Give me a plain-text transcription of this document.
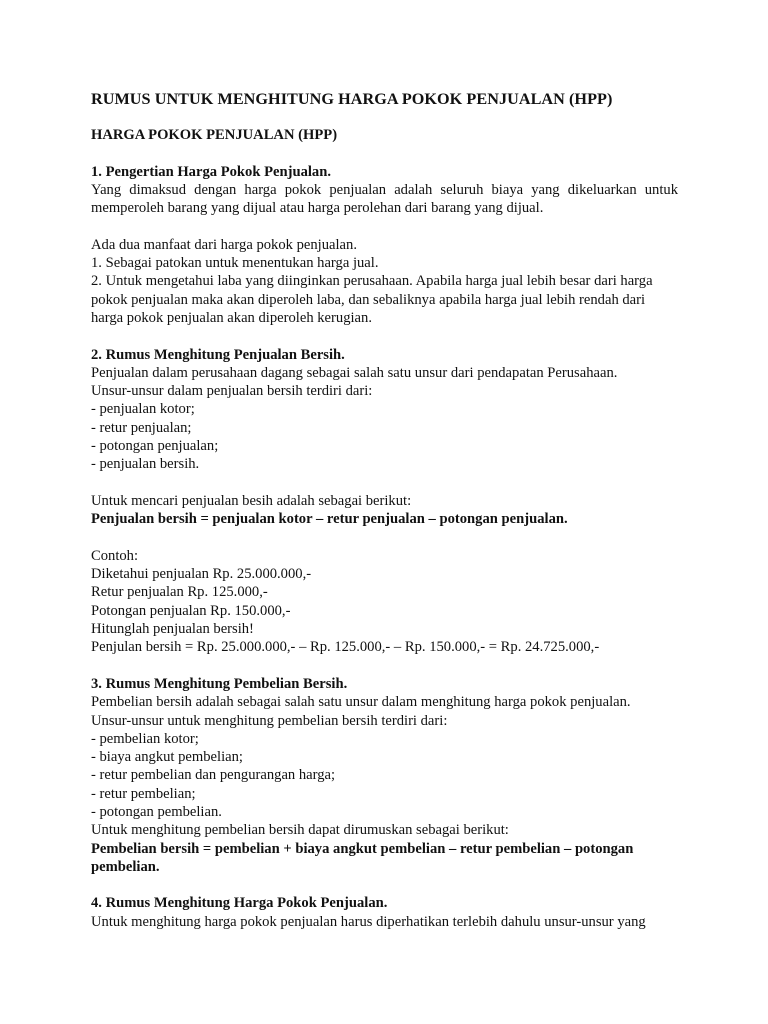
RUMUS UNTUK MENGHITUNG HARGA POKOK PENJUALAN (HPP)
HARGA POKOK PENJUALAN (HPP)
1. Pengertian Harga Pokok Penjualan.
Yang dimaksud dengan harga pokok penjualan adalah seluruh biaya yang dikeluarkan untuk memperoleh barang yang dijual atau harga perolehan dari barang yang dijual.
Ada dua manfaat dari harga pokok penjualan.
1. Sebagai patokan untuk menentukan harga jual.
2. Untuk mengetahui laba yang diinginkan perusahaan. Apabila harga jual lebih besar dari harga pokok penjualan maka akan diperoleh laba, dan sebaliknya apabila harga jual lebih rendah dari harga pokok penjualan akan diperoleh kerugian.
2. Rumus Menghitung Penjualan Bersih.
Penjualan dalam perusahaan dagang sebagai salah satu unsur dari pendapatan Perusahaan.
Unsur-unsur dalam penjualan bersih terdiri dari:
- penjualan kotor;
- retur penjualan;
- potongan penjualan;
- penjualan bersih.
Untuk mencari penjualan besih adalah sebagai berikut:
Penjualan bersih = penjualan kotor – retur penjualan – potongan penjualan.
Contoh:
Diketahui penjualan Rp. 25.000.000,-
Retur penjualan Rp. 125.000,-
Potongan penjualan Rp. 150.000,-
Hitunglah penjualan bersih!
Penjulan bersih = Rp. 25.000.000,- – Rp. 125.000,- – Rp. 150.000,- = Rp. 24.725.000,-
3. Rumus Menghitung Pembelian Bersih.
Pembelian bersih adalah sebagai salah satu unsur dalam menghitung harga pokok penjualan.
Unsur-unsur untuk menghitung pembelian bersih terdiri dari:
- pembelian kotor;
- biaya angkut pembelian;
- retur pembelian dan pengurangan harga;
- retur pembelian;
- potongan pembelian.
Untuk menghitung pembelian bersih dapat dirumuskan sebagai berikut:
Pembelian bersih = pembelian + biaya angkut pembelian – retur pembelian – potongan pembelian.
4. Rumus Menghitung Harga Pokok Penjualan.
Untuk menghitung harga pokok penjualan harus diperhatikan terlebih dahulu unsur-unsur yang
